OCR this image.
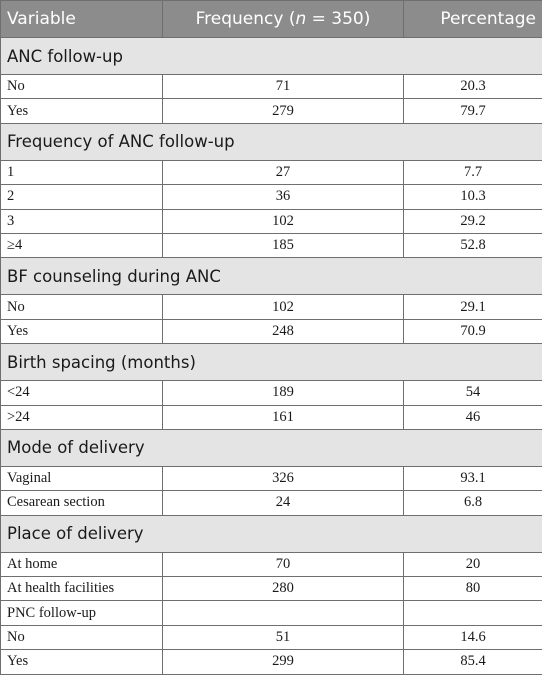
Variable	Frequency (n = 350)	Percentage
ANC follow-up		
No	71	20.3
Yes	279	79.7
Frequency of ANC follow-up		
1	27	7.7
2	36	10.3
3	102	29.2
≥4	185	52.8
BF counseling during ANC		
No	102	29.1
Yes	248	70.9
Birth spacing (months)		
<24	189	54
>24	161	46
Mode of delivery		
Vaginal	326	93.1
Cesarean section	24	6.8
Place of delivery		
At home	70	20
At health facilities	280	80
PNC follow-up		
No	51	14.6
Yes	299	85.4
